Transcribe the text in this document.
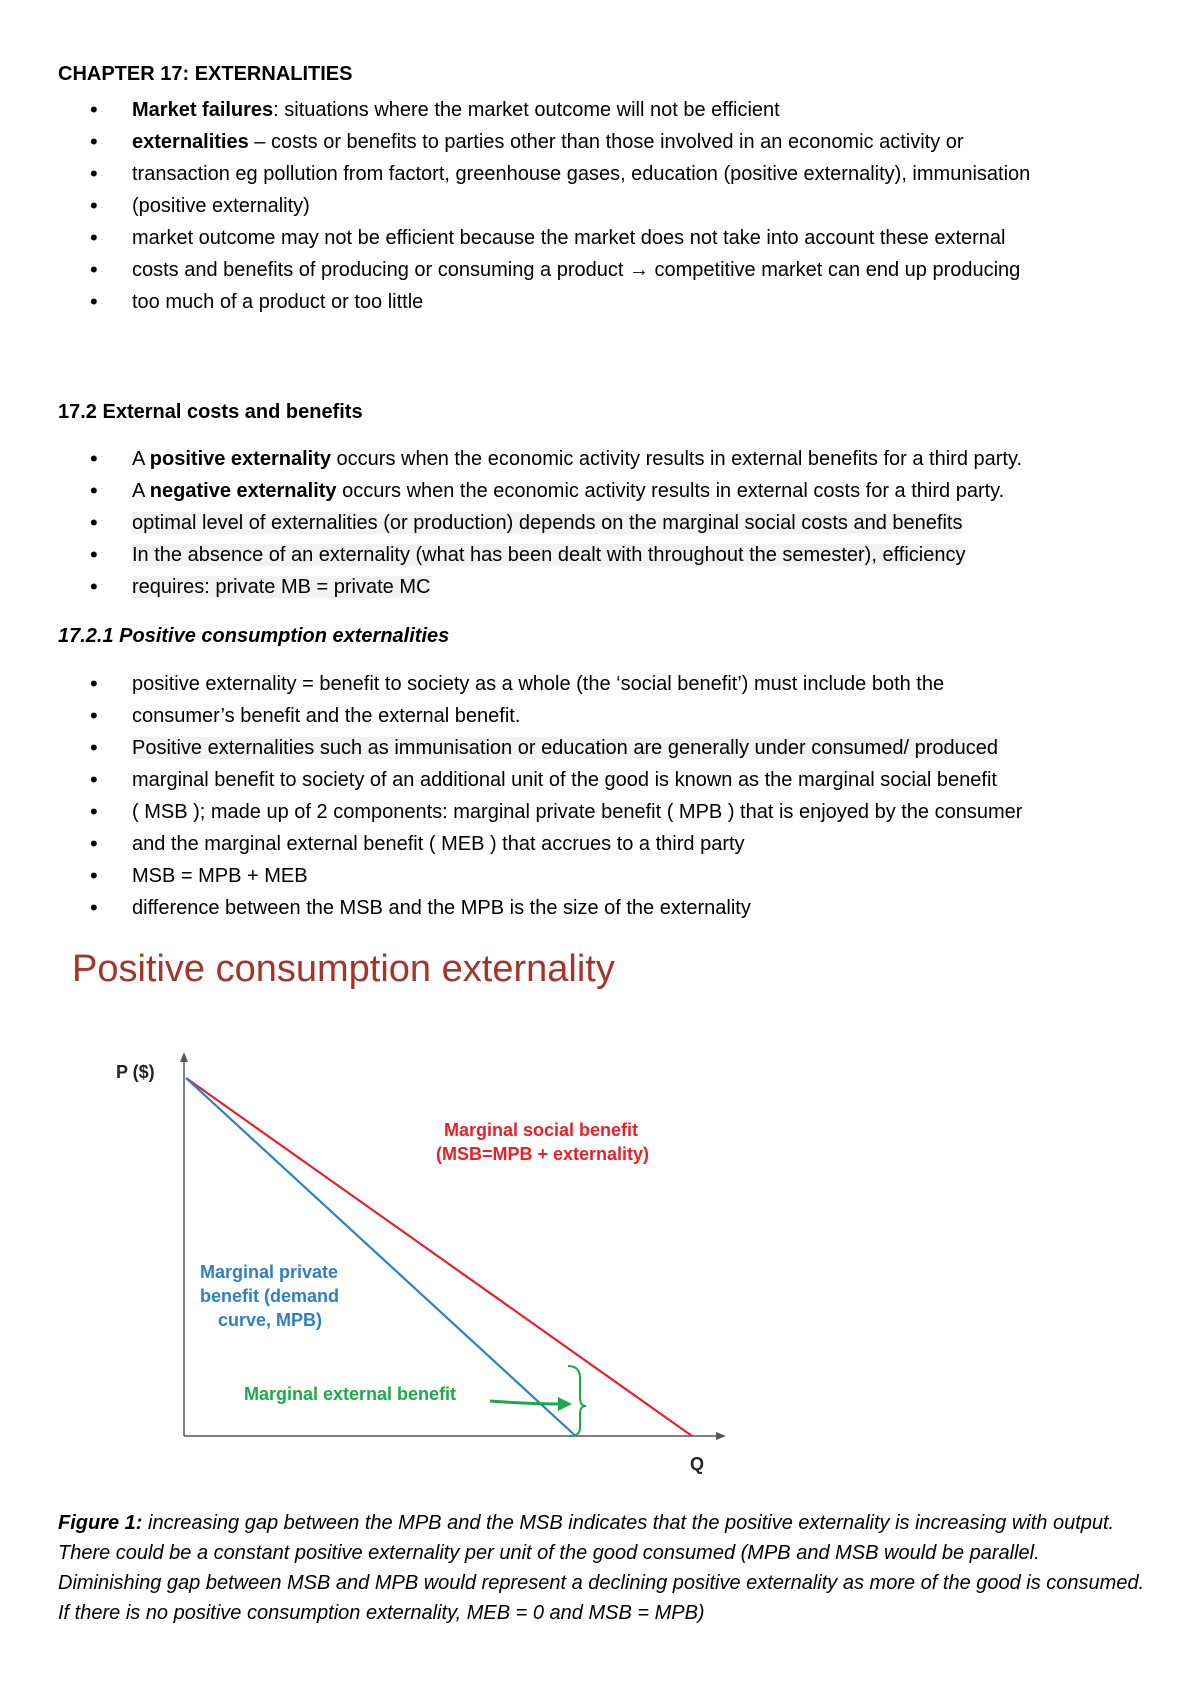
CHAPTER 17: EXTERNALITIES
• Market failures: situations where the market outcome will not be efficient
• externalities – costs or benefits to parties other than those involved in an economic activity or
• transaction eg pollution from factort, greenhouse gases, education (positive externality), immunisation
• (positive externality)
• market outcome may not be efficient because the market does not take into account these external
• costs and benefits of producing or consuming a product → competitive market can end up producing
• too much of a product or too little
17.2 External costs and benefits
• A positive externality occurs when the economic activity results in external benefits for a third party.
• A negative externality occurs when the economic activity results in external costs for a third party.
• optimal level of externalities (or production) depends on the marginal social costs and benefits
• In the absence of an externality (what has been dealt with throughout the semester), efficiency
• requires: private MB = private MC
17.2.1 Positive consumption externalities
• positive externality = benefit to society as a whole (the ‘social benefit’) must include both the
• consumer’s benefit and the external benefit.
• Positive externalities such as immunisation or education are generally under consumed/ produced
• marginal benefit to society of an additional unit of the good is known as the marginal social benefit
• ( MSB ); made up of 2 components: marginal private benefit ( MPB ) that is enjoyed by the consumer
• and the marginal external benefit ( MEB ) that accrues to a third party
• MSB = MPB + MEB
• difference between the MSB and the MPB is the size of the externality
Positive consumption externality
P ($)
Q
Marginal social benefit
(MSB=MPB + externality)
Marginal private
benefit (demand
curve, MPB)
Marginal external benefit
Figure 1: increasing gap between the MPB and the MSB indicates that the positive externality is increasing with output. There could be a constant positive externality per unit of the good consumed (MPB and MSB would be parallel. Diminishing gap between MSB and MPB would represent a declining positive externality as more of the good is consumed. If there is no positive consumption externality, MEB = 0 and MSB = MPB)
